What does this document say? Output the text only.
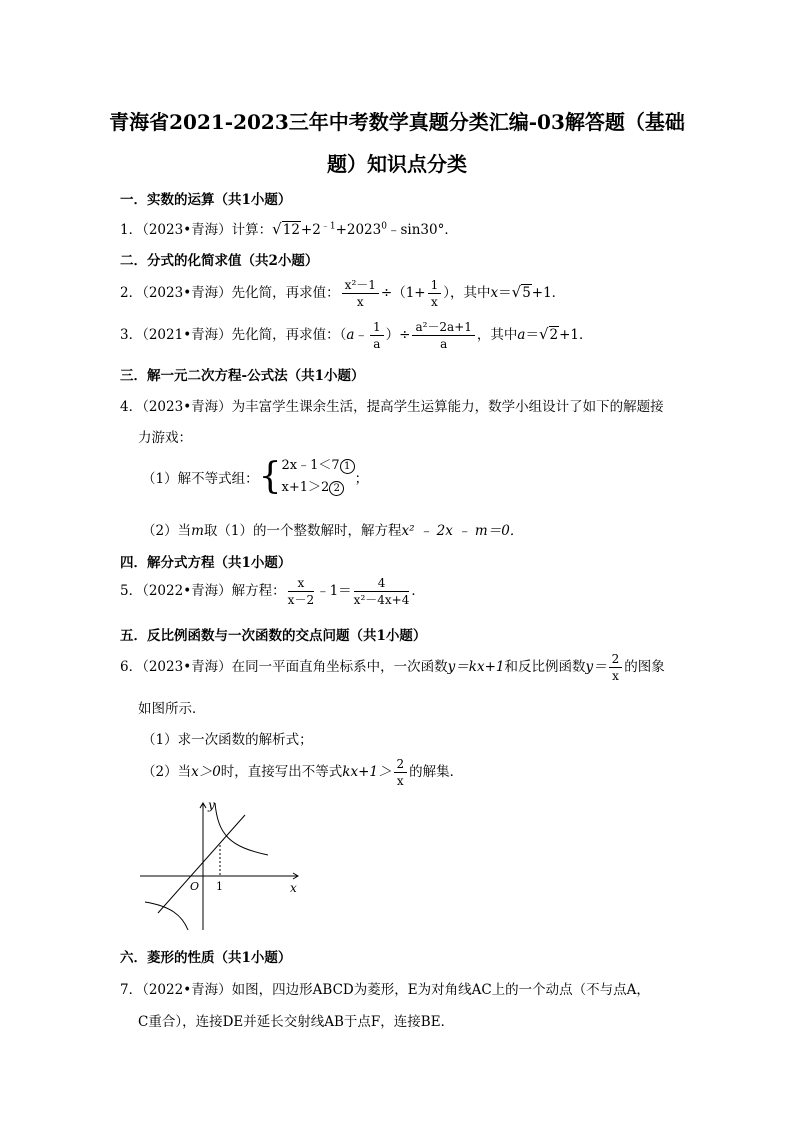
青海省2021-2023三年中考数学真题分类汇编-03解答题（基础
题）知识点分类
一．实数的运算（共1小题）
1．（2023•青海）计算：$√12+2^{﹣1}+2023^0﹣\sin 30^\circ$．
二．分式的化简求值（共2小题）
2．（2023•青海）先化简，再求值： $\frac{\text{x²－1}}{x} \div(1+ \frac{1}{x}$ ），其中x＝√5+1．
3．（2021•青海）先化简，再求值：（a﹣ $\frac{1}{a}$ ）÷ $\frac{\text{a²－2a+1}}{a}$ ，其中a＝√2+1．
三．解一元二次方程-公式法（共1小题）
4．（2023•青海）为丰富学生课余生活，提高学生运算能力，数学小组设计了如下的解题接
力游戏：
（1）解不等式组：{ 2x﹣1＜7 1
x+1＞2 2
；
（2）当m取（1）的一个整数解时，解方程x² ﹣ 2x ﹣ m＝0．
四．解分式方程（共1小题）
5．（2022•青海）解方程： $\frac{x}{x-2}$ ﹣1＝ $\frac{4}{\text{x²－4x+4}}$ ．
五．反比例函数与一次函数的交点问题（共1小题）
6．（2023•青海）在同一平面直角坐标系中，一次函数y＝kx+1和反比例函数$y= \frac{2}{x}$ 的图象
如图所示．
（1）求一次函数的解析式；
（2）当x＞0时，直接写出不等式$kx+1> \frac{2}{x}$ 的解集．
y
x
O 1
六．菱形的性质（共1小题）
7．（2022•青海）如图，四边形ABCD为菱形，E为对角线AC上的一个动点（不与点A，
C重合），连接DE并延长交射线AB于点F，连接BE．
